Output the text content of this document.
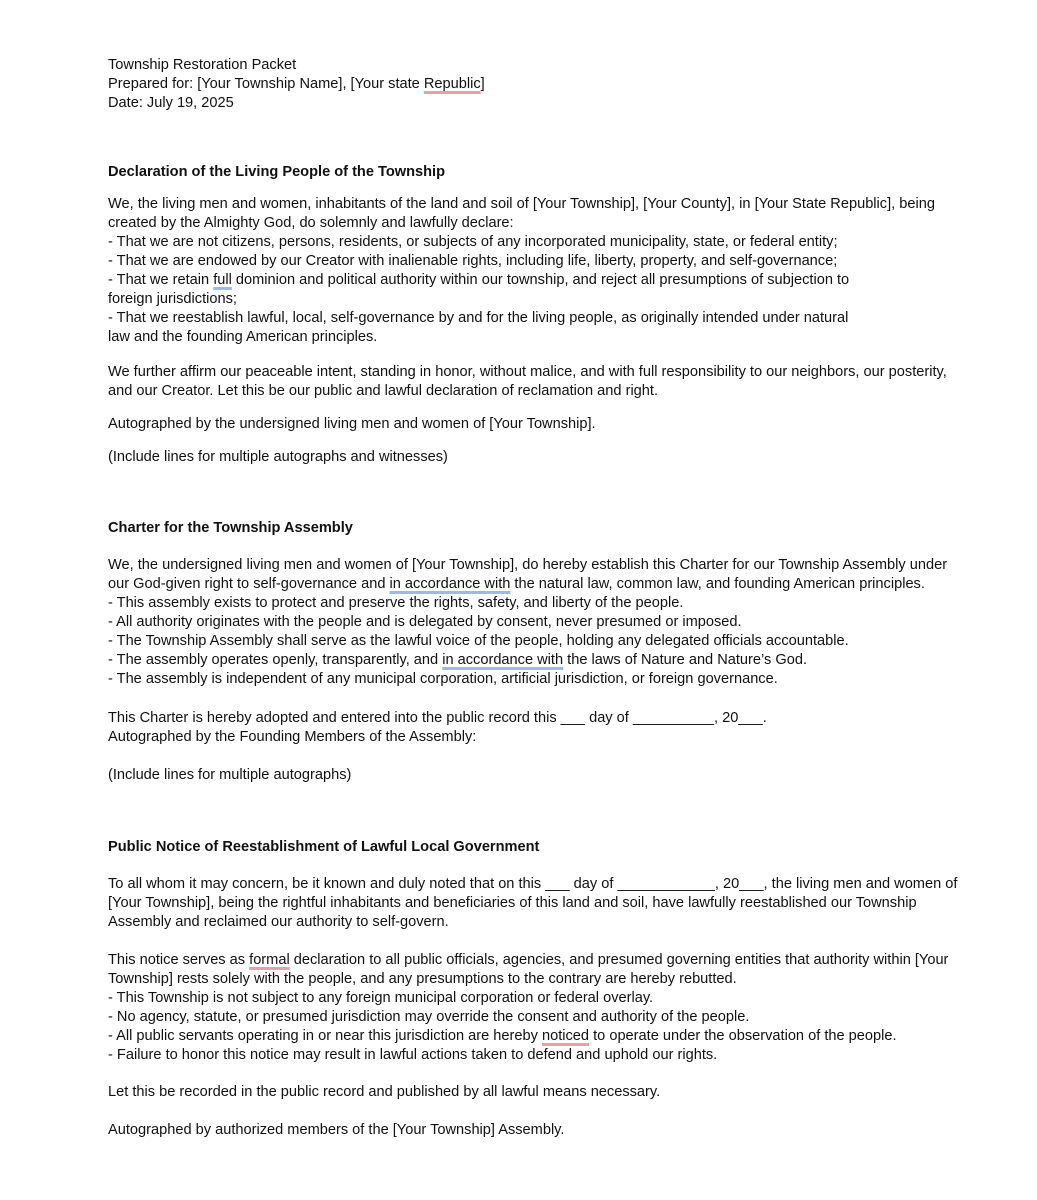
Township Restoration Packet
Prepared for: [Your Township Name], [Your state Republic]
Date: July 19, 2025
Declaration of the Living People of the Township
We, the living men and women, inhabitants of the land and soil of [Your Township], [Your County], in [Your State Republic], being
created by the Almighty God, do solemnly and lawfully declare:
- That we are not citizens, persons, residents, or subjects of any incorporated municipality, state, or federal entity;
- That we are endowed by our Creator with inalienable rights, including life, liberty, property, and self-governance;
- That we retain full dominion and political authority within our township, and reject all presumptions of subjection to
foreign jurisdictions;
- That we reestablish lawful, local, self-governance by and for the living people, as originally intended under natural
law and the founding American principles.
We further affirm our peaceable intent, standing in honor, without malice, and with full responsibility to our neighbors, our posterity,
and our Creator. Let this be our public and lawful declaration of reclamation and right.
Autographed by the undersigned living men and women of [Your Township].
(Include lines for multiple autographs and witnesses)
Charter for the Township Assembly
We, the undersigned living men and women of [Your Township], do hereby establish this Charter for our Township Assembly under
our God-given right to self-governance and in accordance with the natural law, common law, and founding American principles.
- This assembly exists to protect and preserve the rights, safety, and liberty of the people.
- All authority originates with the people and is delegated by consent, never presumed or imposed.
- The Township Assembly shall serve as the lawful voice of the people, holding any delegated officials accountable.
- The assembly operates openly, transparently, and in accordance with the laws of Nature and Nature’s God.
- The assembly is independent of any municipal corporation, artificial jurisdiction, or foreign governance.
This Charter is hereby adopted and entered into the public record this ___ day of __________, 20___.
Autographed by the Founding Members of the Assembly:
(Include lines for multiple autographs)
Public Notice of Reestablishment of Lawful Local Government
To all whom it may concern, be it known and duly noted that on this ___ day of ____________, 20___, the living men and women of
[Your Township], being the rightful inhabitants and beneficiaries of this land and soil, have lawfully reestablished our Township
Assembly and reclaimed our authority to self-govern.
This notice serves as formal declaration to all public officials, agencies, and presumed governing entities that authority within [Your
Township] rests solely with the people, and any presumptions to the contrary are hereby rebutted.
- This Township is not subject to any foreign municipal corporation or federal overlay.
- No agency, statute, or presumed jurisdiction may override the consent and authority of the people.
- All public servants operating in or near this jurisdiction are hereby noticed to operate under the observation of the people.
- Failure to honor this notice may result in lawful actions taken to defend and uphold our rights.
Let this be recorded in the public record and published by all lawful means necessary.
Autographed by authorized members of the [Your Township] Assembly.
